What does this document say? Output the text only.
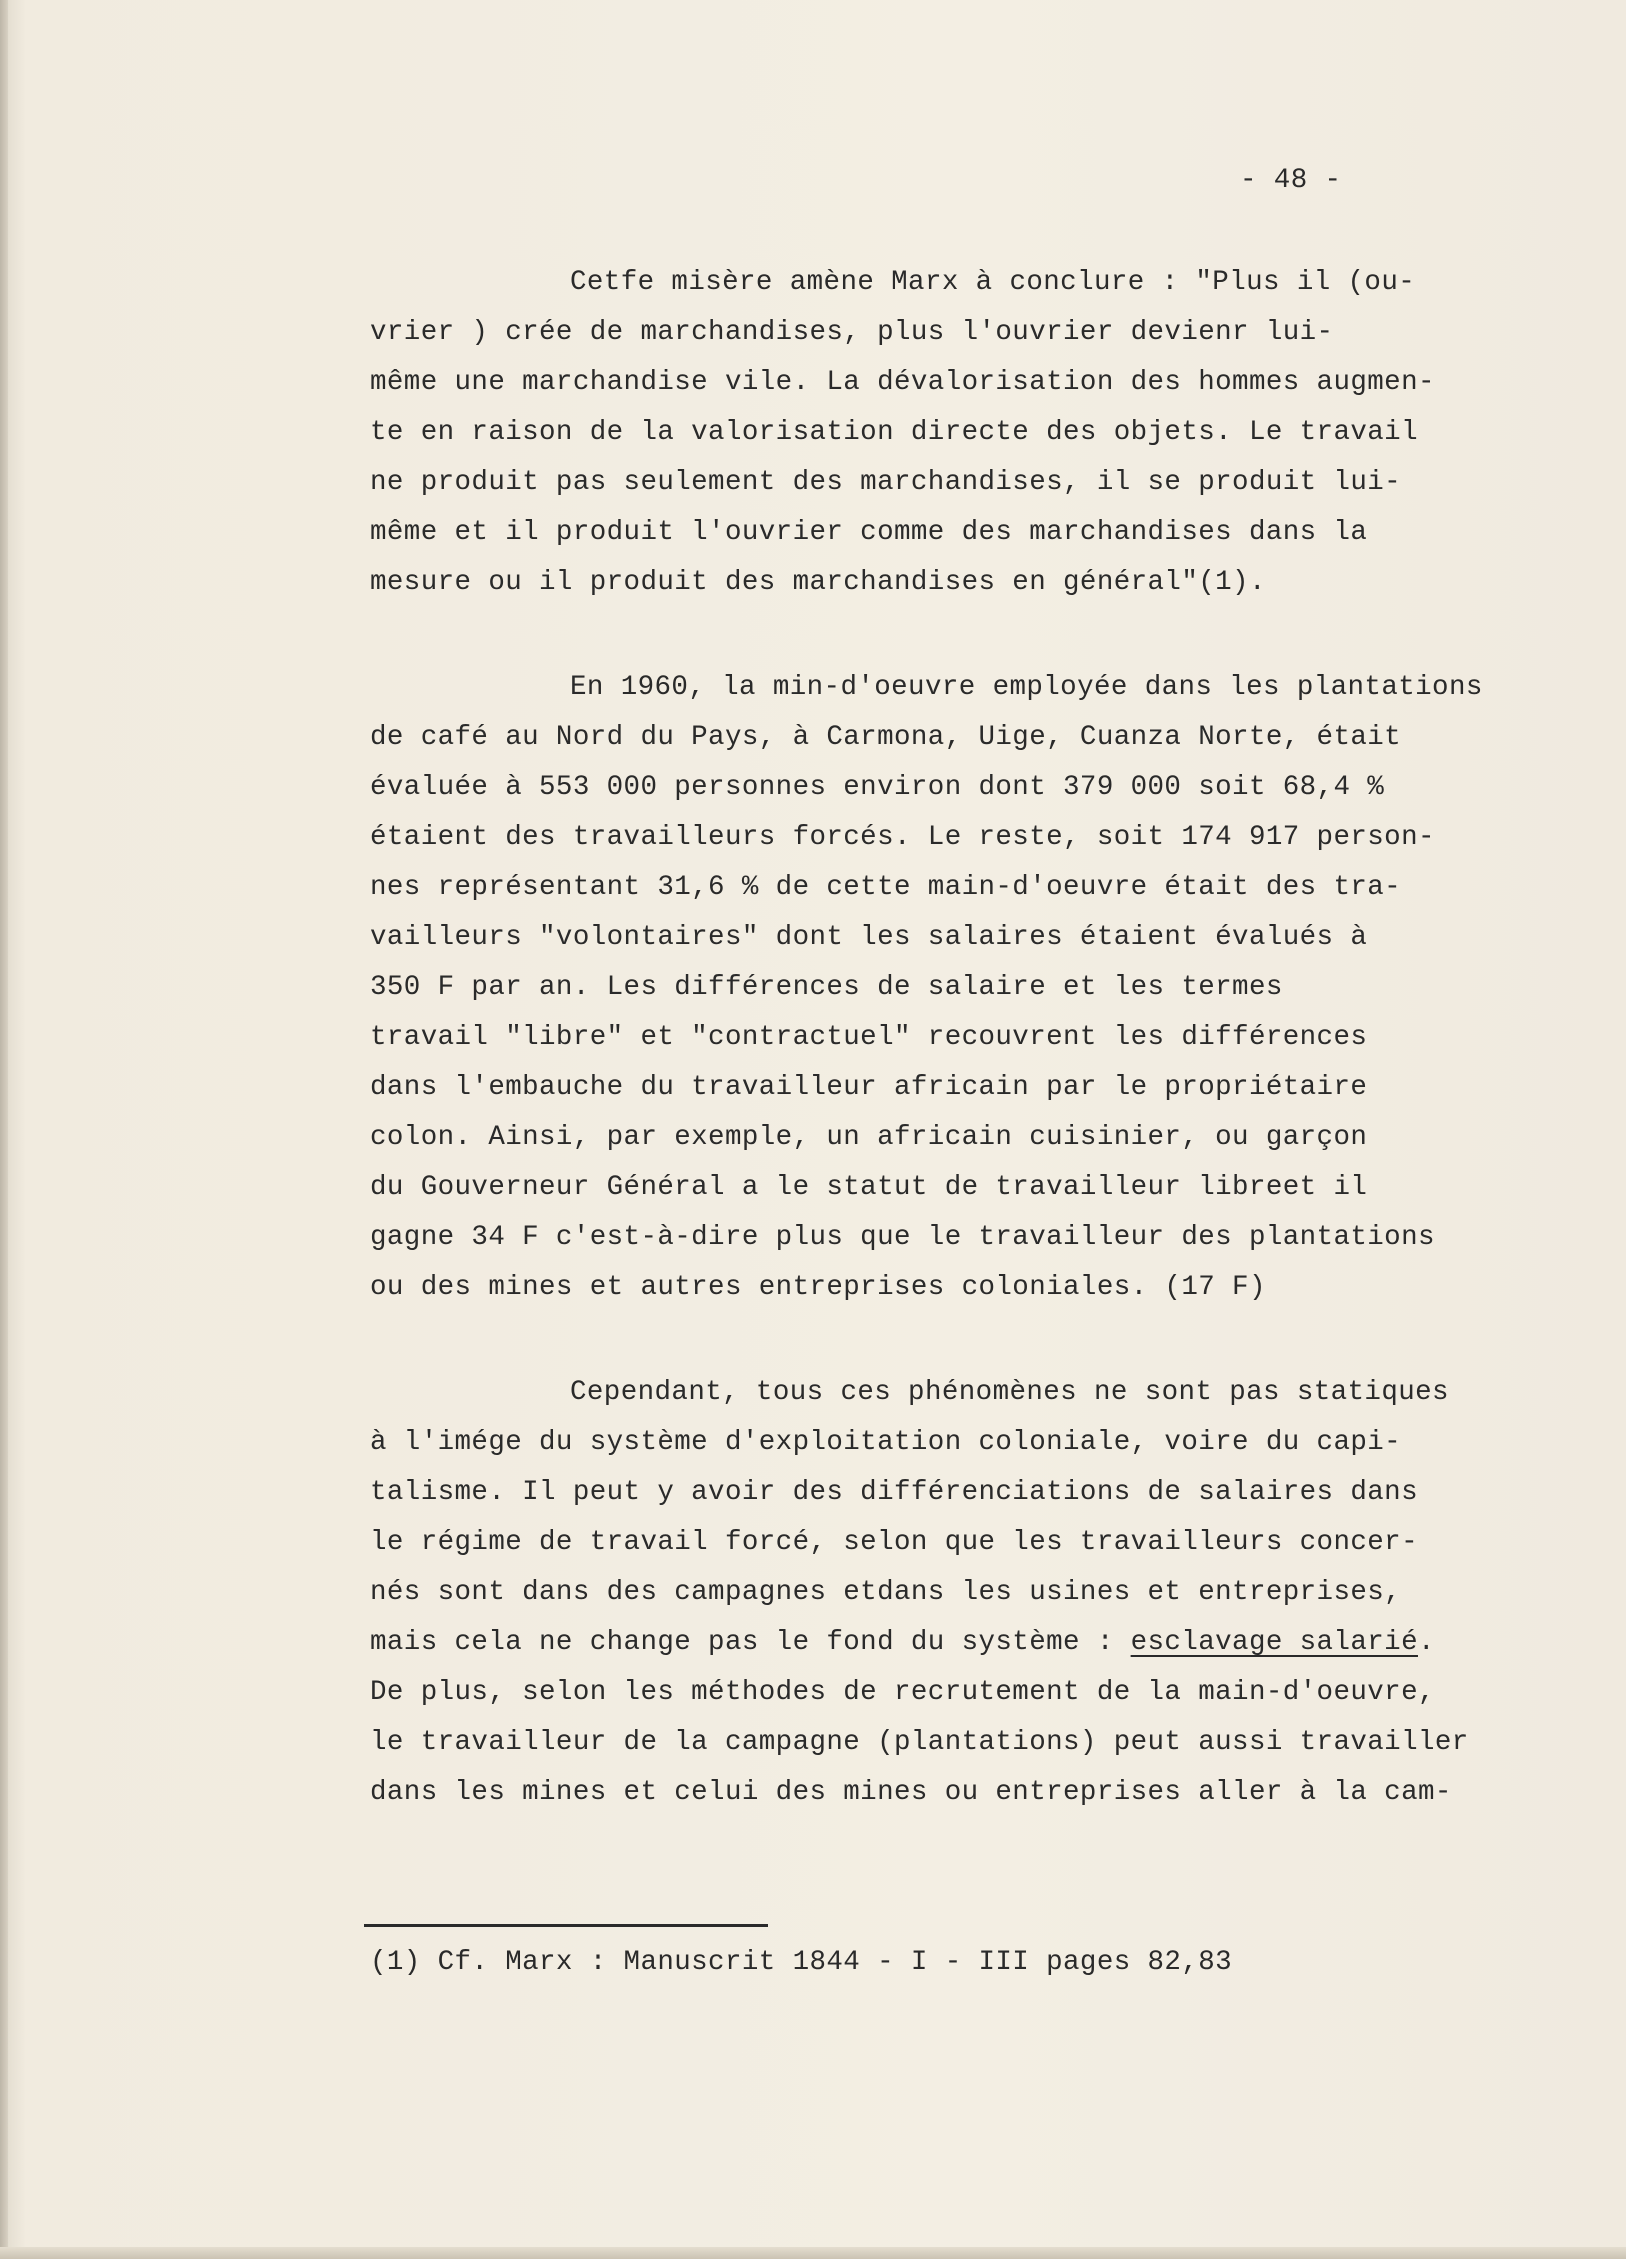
- 48 -
Cetfe misère amène Marx à conclure : "Plus il (ou-
vrier ) crée de marchandises, plus l'ouvrier devienr lui-
même une marchandise vile. La dévalorisation des hommes augmen-
te en raison de la valorisation directe des objets. Le travail
ne produit pas seulement des marchandises, il se produit lui-
même et il produit l'ouvrier comme des marchandises dans la
mesure ou il produit des marchandises en général"(1).
En 1960, la min-d'oeuvre employée dans les plantations
de café au Nord du Pays, à Carmona, Uige, Cuanza Norte, était
évaluée à 553 000 personnes environ dont 379 000 soit 68,4 %
étaient des travailleurs forcés. Le reste, soit 174 917 person-
nes représentant 31,6 % de cette main-d'oeuvre était des tra-
vailleurs "volontaires" dont les salaires étaient évalués à
350 F par an. Les différences de salaire et les termes
travail "libre" et "contractuel" recouvrent les différences
dans l'embauche du travailleur africain par le propriétaire
colon. Ainsi, par exemple, un africain cuisinier, ou garçon
du Gouverneur Général a le statut de travailleur libreet il
gagne 34 F c'est-à-dire plus que le travailleur des plantations
ou des mines et autres entreprises coloniales. (17 F)
Cependant, tous ces phénomènes ne sont pas statiques
à l'imége du système d'exploitation coloniale, voire du capi-
talisme. Il peut y avoir des différenciations de salaires dans
le régime de travail forcé, selon que les travailleurs concer-
nés sont dans des campagnes etdans les usines et entreprises,
mais cela ne change pas le fond du système : esclavage salarié.
De plus, selon les méthodes de recrutement de la main-d'oeuvre,
le travailleur de la campagne (plantations) peut aussi travailler
dans les mines et celui des mines ou entreprises aller à la cam-
(1) Cf. Marx : Manuscrit 1844 - I - III pages 82,83
